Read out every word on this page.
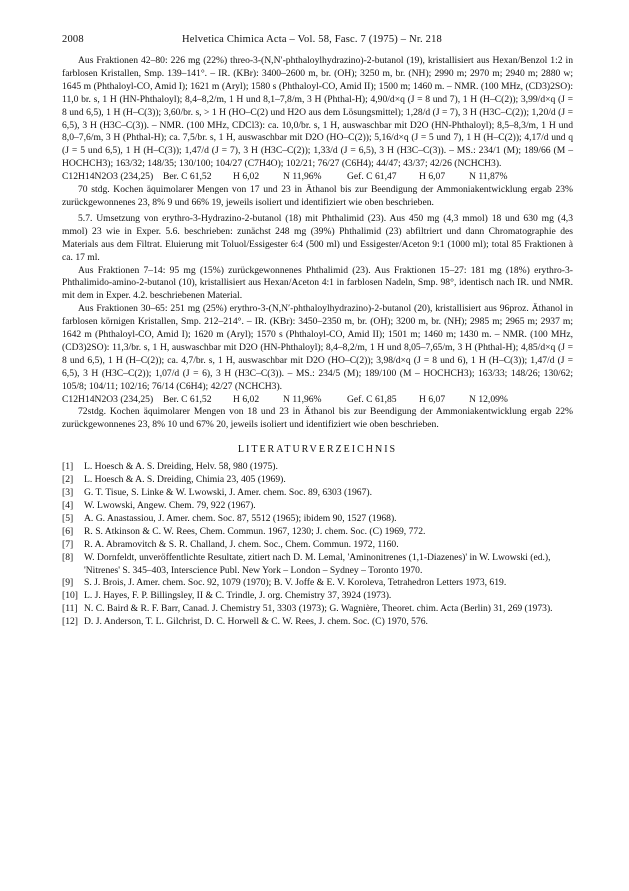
2008	Helvetica Chimica Acta – Vol. 58, Fasc. 7 (1975) – Nr. 218

Aus Fraktionen 42–80: 226 mg (22%) threo-3-(N,N′-phthaloylhydrazino)-2-butanol (19), kristallisiert aus Hexan/Benzol 1:2 in farblosen Kristallen, Smp. 139–141°. – IR. (KBr): 3400–2600 m, br. (OH); 3250 m, br. (NH); 2990 m; 2970 m; 2940 m; 2880 w; 1645 m (Phthaloyl-CO, Amid I); 1621 m (Aryl); 1580 s (Phthaloyl-CO, Amid II); 1500 m; 1460 m. – NMR. (100 MHz, (CD3)2SO): 11,0 br. s, 1 H (HN-Phthaloyl); 8,4–8,2/m, 1 H und 8,1–7,8/m, 3 H (Phthal-H); 4,90/d×q (J = 8 und 7), 1 H (H–C(2)); 3,99/d×q (J = 8 und 6,5), 1 H (H–C(3)); 3,60/br. s, > 1 H (HO–C(2) und H2O aus dem Lösungsmittel); 1,28/d (J = 7), 3 H (H3C–C(2)); 1,20/d (J = 6,5), 3 H (H3C–C(3)). – NMR. (100 MHz, CDCl3): ca. 10,0/br. s, 1 H, auswaschbar mit D2O (HN-Phthaloyl); 8,5–8,3/m, 1 H und 8,0–7,6/m, 3 H (Phthal-H); ca. 7,5/br. s, 1 H, auswaschbar mit D2O (HO–C(2)); 5,16/d×q (J = 5 und 7), 1 H (H–C(2)); 4,17/d und q (J = 5 und 6,5), 1 H (H–C(3)); 1,47/d (J = 7), 3 H (H3C–C(2)); 1,33/d (J = 6,5), 3 H (H3C–C(3)). – MS.: 234/1 (M); 189/66 (M – HOCHCH3); 163/32; 148/35; 130/100; 104/27 (C7H4O); 102/21; 76/27 (C6H4); 44/47; 43/37; 42/26 (NCHCH3).

C12H14N2O3 (234,25)	Ber. C 61,52	H 6,02	N 11,96%	Gef. C 61,47	H 6,07	N 11,87%

70 stdg. Kochen äquimolarer Mengen von 17 und 23 in Äthanol bis zur Beendigung der Ammoniakentwicklung ergab 23% zurückgewonnenes 23, 8% 9 und 66% 19, jeweils isoliert und identifiziert wie oben beschrieben.

5.7. Umsetzung von erythro-3-Hydrazino-2-butanol (18) mit Phthalimid (23). Aus 450 mg (4,3 mmol) 18 und 630 mg (4,3 mmol) 23 wie in Exper. 5.6. beschrieben: zunächst 248 mg (39%) Phthalimid (23) abfiltriert und dann Chromatographie des Materials aus dem Filtrat. Eluierung mit Toluol/Essigester 6:4 (500 ml) und Essigester/Aceton 9:1 (1000 ml); total 85 Fraktionen à ca. 17 ml.

Aus Fraktionen 7–14: 95 mg (15%) zurückgewonnenes Phthalimid (23). Aus Fraktionen 15–27: 181 mg (18%) erythro-3-Phthalimido-amino-2-butanol (10), kristallisiert aus Hexan/Aceton 4:1 in farblosen Nadeln, Smp. 98°, identisch nach IR. und NMR. mit dem in Exper. 4.2. beschriebenen Material.

Aus Fraktionen 30–65: 251 mg (25%) erythro-3-(N,N′-phthaloylhydrazino)-2-butanol (20), kristallisiert aus 96proz. Äthanol in farblosen körnigen Kristallen, Smp. 212–214°. – IR. (KBr): 3450–2350 m, br. (OH); 3200 m, br. (NH); 2985 m; 2965 m; 2937 m; 1642 m (Phthaloyl-CO, Amid I); 1620 m (Aryl); 1570 s (Phthaloyl-CO, Amid II); 1501 m; 1460 m; 1430 m. – NMR. (100 MHz, (CD3)2SO): 11,3/br. s, 1 H, auswaschbar mit D2O (HN-Phthaloyl); 8,4–8,2/m, 1 H und 8,05–7,65/m, 3 H (Phthal-H); 4,85/d×q (J = 8 und 6,5), 1 H (H–C(2)); ca. 4,7/br. s, 1 H, auswaschbar mit D2O (HO–C(2)); 3,98/d×q (J = 8 und 6), 1 H (H–C(3)); 1,47/d (J = 6,5), 3 H (H3C–C(2)); 1,07/d (J = 6), 3 H (H3C–C(3)). – MS.: 234/5 (M); 189/100 (M – HOCHCH3); 163/33; 148/26; 130/62; 105/8; 104/11; 102/16; 76/14 (C6H4); 42/27 (NCHCH3).

C12H14N2O3 (234,25)	Ber. C 61,52	H 6,02	N 11,96%	Gef. C 61,85	H 6,07	N 12,09%

72stdg. Kochen äquimolarer Mengen von 18 und 23 in Äthanol bis zur Beendigung der Ammoniakentwicklung ergab 22% zurückgewonnenes 23, 8% 10 und 67% 20, jeweils isoliert und identifiziert wie oben beschrieben.

LITERATURVERZEICHNIS
[1] L. Hoesch & A. S. Dreiding, Helv. 58, 980 (1975).
[2] L. Hoesch & A. S. Dreiding, Chimia 23, 405 (1969).
[3] G. T. Tisue, S. Linke & W. Lwowski, J. Amer. chem. Soc. 89, 6303 (1967).
[4] W. Lwowski, Angew. Chem. 79, 922 (1967).
[5] A. G. Anastassiou, J. Amer. chem. Soc. 87, 5512 (1965); ibidem 90, 1527 (1968).
[6] R. S. Atkinson & C. W. Rees, Chem. Commun. 1967, 1230; J. chem. Soc. (C) 1969, 772.
[7] R. A. Abramovitch & S. R. Challand, J. chem. Soc., Chem. Commun. 1972, 1160.
[8] W. Dornfeldt, unveröffentlichte Resultate, zitiert nach D. M. Lemal, 'Aminonitrenes (1,1-Diazenes)' in W. Lwowski (ed.), 'Nitrenes' S. 345–403, Interscience Publ. New York – London – Sydney – Toronto 1970.
[9] S. J. Brois, J. Amer. chem. Soc. 92, 1079 (1970); B. V. Joffe & E. V. Koroleva, Tetrahedron Letters 1973, 619.
[10] L. J. Hayes, F. P. Billingsley, II & C. Trindle, J. org. Chemistry 37, 3924 (1973).
[11] N. C. Baird & R. F. Barr, Canad. J. Chemistry 51, 3303 (1973); G. Wagnière, Theoret. chim. Acta (Berlin) 31, 269 (1973).
[12] D. J. Anderson, T. L. Gilchrist, D. C. Horwell & C. W. Rees, J. chem. Soc. (C) 1970, 576.
